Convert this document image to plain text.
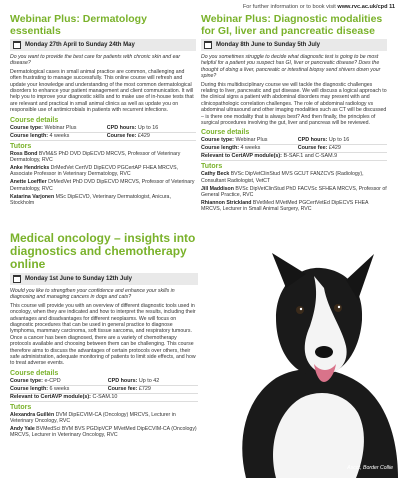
For further information or to book visit www.rvc.ac.uk/cpd 11
Webinar Plus: Dermatology essentials
Monday 27th April to Sunday 24th May

Do you want to provide the best care for patients with chronic skin and ear disease?

Dermatological cases in small animal practice are common, challenging and often frustrating to manage successfully. This online course will refresh and update your knowledge and understanding of the most common dermatological disorders to enhance your patient management and client communication. It will help you to improve your diagnostic skills and to make use of in-house tests that are relevant and practical in small animal clinics as well as update you on responsible use of antimicrobials in patients with recurrent infections.

Course details
Course type: Webinar Plus	CPD hours: Up to 16
Course length: 4 weeks	Course fee: £429
Tutors
Ross Bond BVM&S PhD DVD DipECVD MRCVS, Professor of Veterinary Dermatology, RVC
Anke Hendricks DrMedVet CertVD DipECVD PGCertAP FHEA MRCVS, Associate Professor in Veterinary Dermatology, RVC
Anette Loeffler DrMedVet PhD DVD DipECVD MRCVS, Professor of Veterinary Dermatology, RVC
Katarina Varjonen MSc DipECVD, Veterinary Dermatologist, Anicura, Stockholm
Webinar Plus: Diagnostic modalities for GI, liver and pancreatic disease
Monday 8th June to Sunday 5th July

Do you sometimes struggle to decide what diagnostic test is going to be most helpful for a patient you suspect has GI, liver or pancreatic disease? Does the thought of doing a liver, pancreatic or intestinal biopsy send shivers down your spine?

During this multidisciplinary course we will tackle the diagnostic challenges relating to liver, pancreatic and gut disease. We will discuss a logical approach to the clinical signs a patient with abdominal disorders may present with and clinicopathologic correlation challenges. The role of abdominal radiology vs abdominal ultrasound and other imaging modalities such as CT will be discussed – is there one modality that is always best? And then finally, the principles of surgical procedures involving the gut, liver and pancreas will be reviewed.

Course details
Course type: Webinar Plus	CPD hours: Up to 16
Course length: 4 weeks	Course fee: £429
Relevant to CertAVP module(s): B-SAF.1 and C-SAM.9
Tutors
Cathy Beck BVSc DipVetClinStud MVS GCUT FANZCVS (Radiology), Consultant Radiologist, VetCT
Jill Maddison BVSc DipVetClinStud PhD FACVSc SFHEA MRCVS, Professor of General Practice, RVC
Rhiannon Strickland BVetMed MVetMed PGCertVetEd DipECVS FHEA MRCVS, Lecturer in Small Animal Surgery, RVC
Medical oncology – insights into diagnostics and chemotherapy online
Monday 1st June to Sunday 12th July

Would you like to strengthen your confidence and enhance your skills in diagnosing and managing cancers in dogs and cats?

This course will provide you with an overview of different diagnostic tools used in oncology, when they are indicated and how to interpret the results, including their advantages and disadvantages for different neoplasms. We will focus on diagnostic procedures that can be used in general practice to diagnose lymphoma, mammary carcinoma, soft tissue sarcoma, and respiratory tumours. Once a cancer has been diagnosed, there are a variety of chemotherapy protocols available and choosing between them can be challenging. This course therefore aims to discuss the advantages of certain protocols over others, their safe administration, adequate monitoring of patients to limit side effects, and how to treat adverse events.

Course details
Course type: e-CPD	CPD hours: Up to 42
Course length: 6 weeks	Course fee: £729
Relevant to CertAVP module(s): C-SAM.10
Tutors
Alexandra Guillén DVM DipECVIM-CA (Oncology) MRCVS, Lecturer in Veterinary Oncology, RVC
Andy Yale BVMedSci BVM BVS PGDipVCP MVetMed DipECVIM-CA (Oncology) MRCVS, Lecturer in Veterinary Oncology, RVC
Ascot, Border Collie
